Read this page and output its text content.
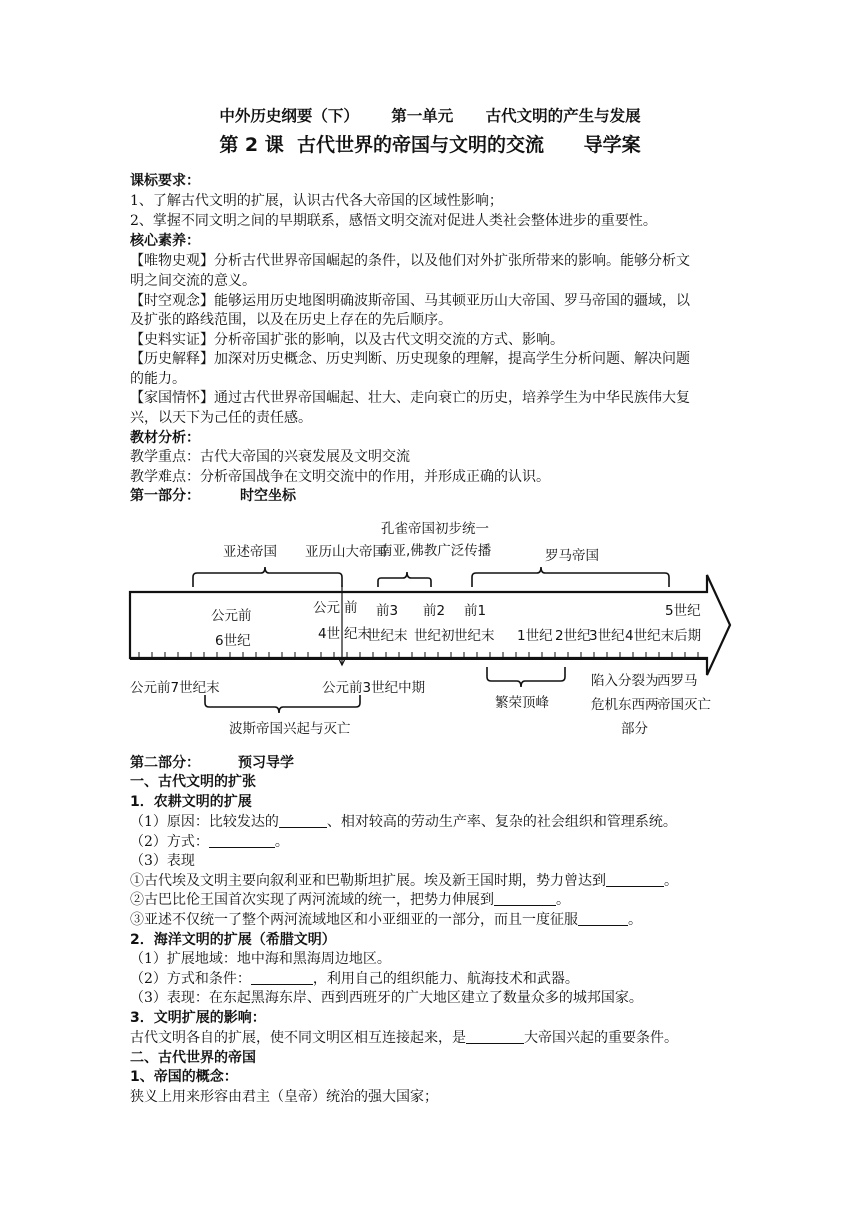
中外历史纲要（下）      第一单元      古代文明的产生与发展
第 2 课  古代世界的帝国与文明的交流      导学案
课标要求：
1、了解古代文明的扩展，认识古代各大帝国的区域性影响；
2、掌握不同文明之间的早期联系，感悟文明交流对促进人类社会整体进步的重要性。
核心素养：
【唯物史观】分析古代世界帝国崛起的条件，以及他们对外扩张所带来的影响。能够分析文
明之间交流的意义。
【时空观念】能够运用历史地图明确波斯帝国、马其顿亚历山大帝国、罗马帝国的疆域，以
及扩张的路线范围，以及在历史上存在的先后顺序。
【史料实证】分析帝国扩张的影响，以及古代文明交流的方式、影响。
【历史解释】加深对历史概念、历史判断、历史现象的理解，提高学生分析问题、解决问题
的能力。
【家国情怀】通过古代世界帝国崛起、壮大、走向衰亡的历史，培养学生为中华民族伟大复
兴，以天下为己任的责任感。
教材分析：
教学重点：古代大帝国的兴衰发展及文明交流
教学难点：分析帝国战争在文明交流中的作用，并形成正确的认识。
第一部分：	时空坐标
亚述帝国 亚历山大帝国
孔雀帝国初步统一
南亚,佛教广泛传播	罗马帝国
公元前
6世纪
公元 前
4世 纪末
前3
世纪末
前2
世纪初
前1
世纪末 1世纪 2世纪
3世纪 4世纪末后期
5世纪
公元前7世纪末	公元前3世纪中期
波斯帝国兴起与灭亡
繁荣顶峰
陷入分裂为
危机东西两
部分
西罗马
帝国灭亡
第二部分：	预习导学
一、古代文明的扩张
1．农耕文明的扩展
（1）原因：比较发达的	、相对较高的劳动生产率、复杂的社会组织和管理系统。
（2）方式：	。
（3）表现
①古代埃及文明主要向叙利亚和巴勒斯坦扩展。埃及新王国时期，势力曾达到	。
②古巴比伦王国首次实现了两河流域的统一，把势力伸展到	。
③亚述不仅统一了整个两河流域地区和小亚细亚的一部分，而且一度征服	。
2．海洋文明的扩展（希腊文明）
（1）扩展地域：地中海和黑海周边地区。
（2）方式和条件：	，利用自己的组织能力、航海技术和武器。
（3）表现：在东起黑海东岸、西到西班牙的广大地区建立了数量众多的城邦国家。
3．文明扩展的影响：
古代文明各自的扩展，使不同文明区相互连接起来，是	大帝国兴起的重要条件。
二、古代世界的帝国
1、帝国的概念：
狭义上用来形容由君主（皇帝）统治的强大国家；
